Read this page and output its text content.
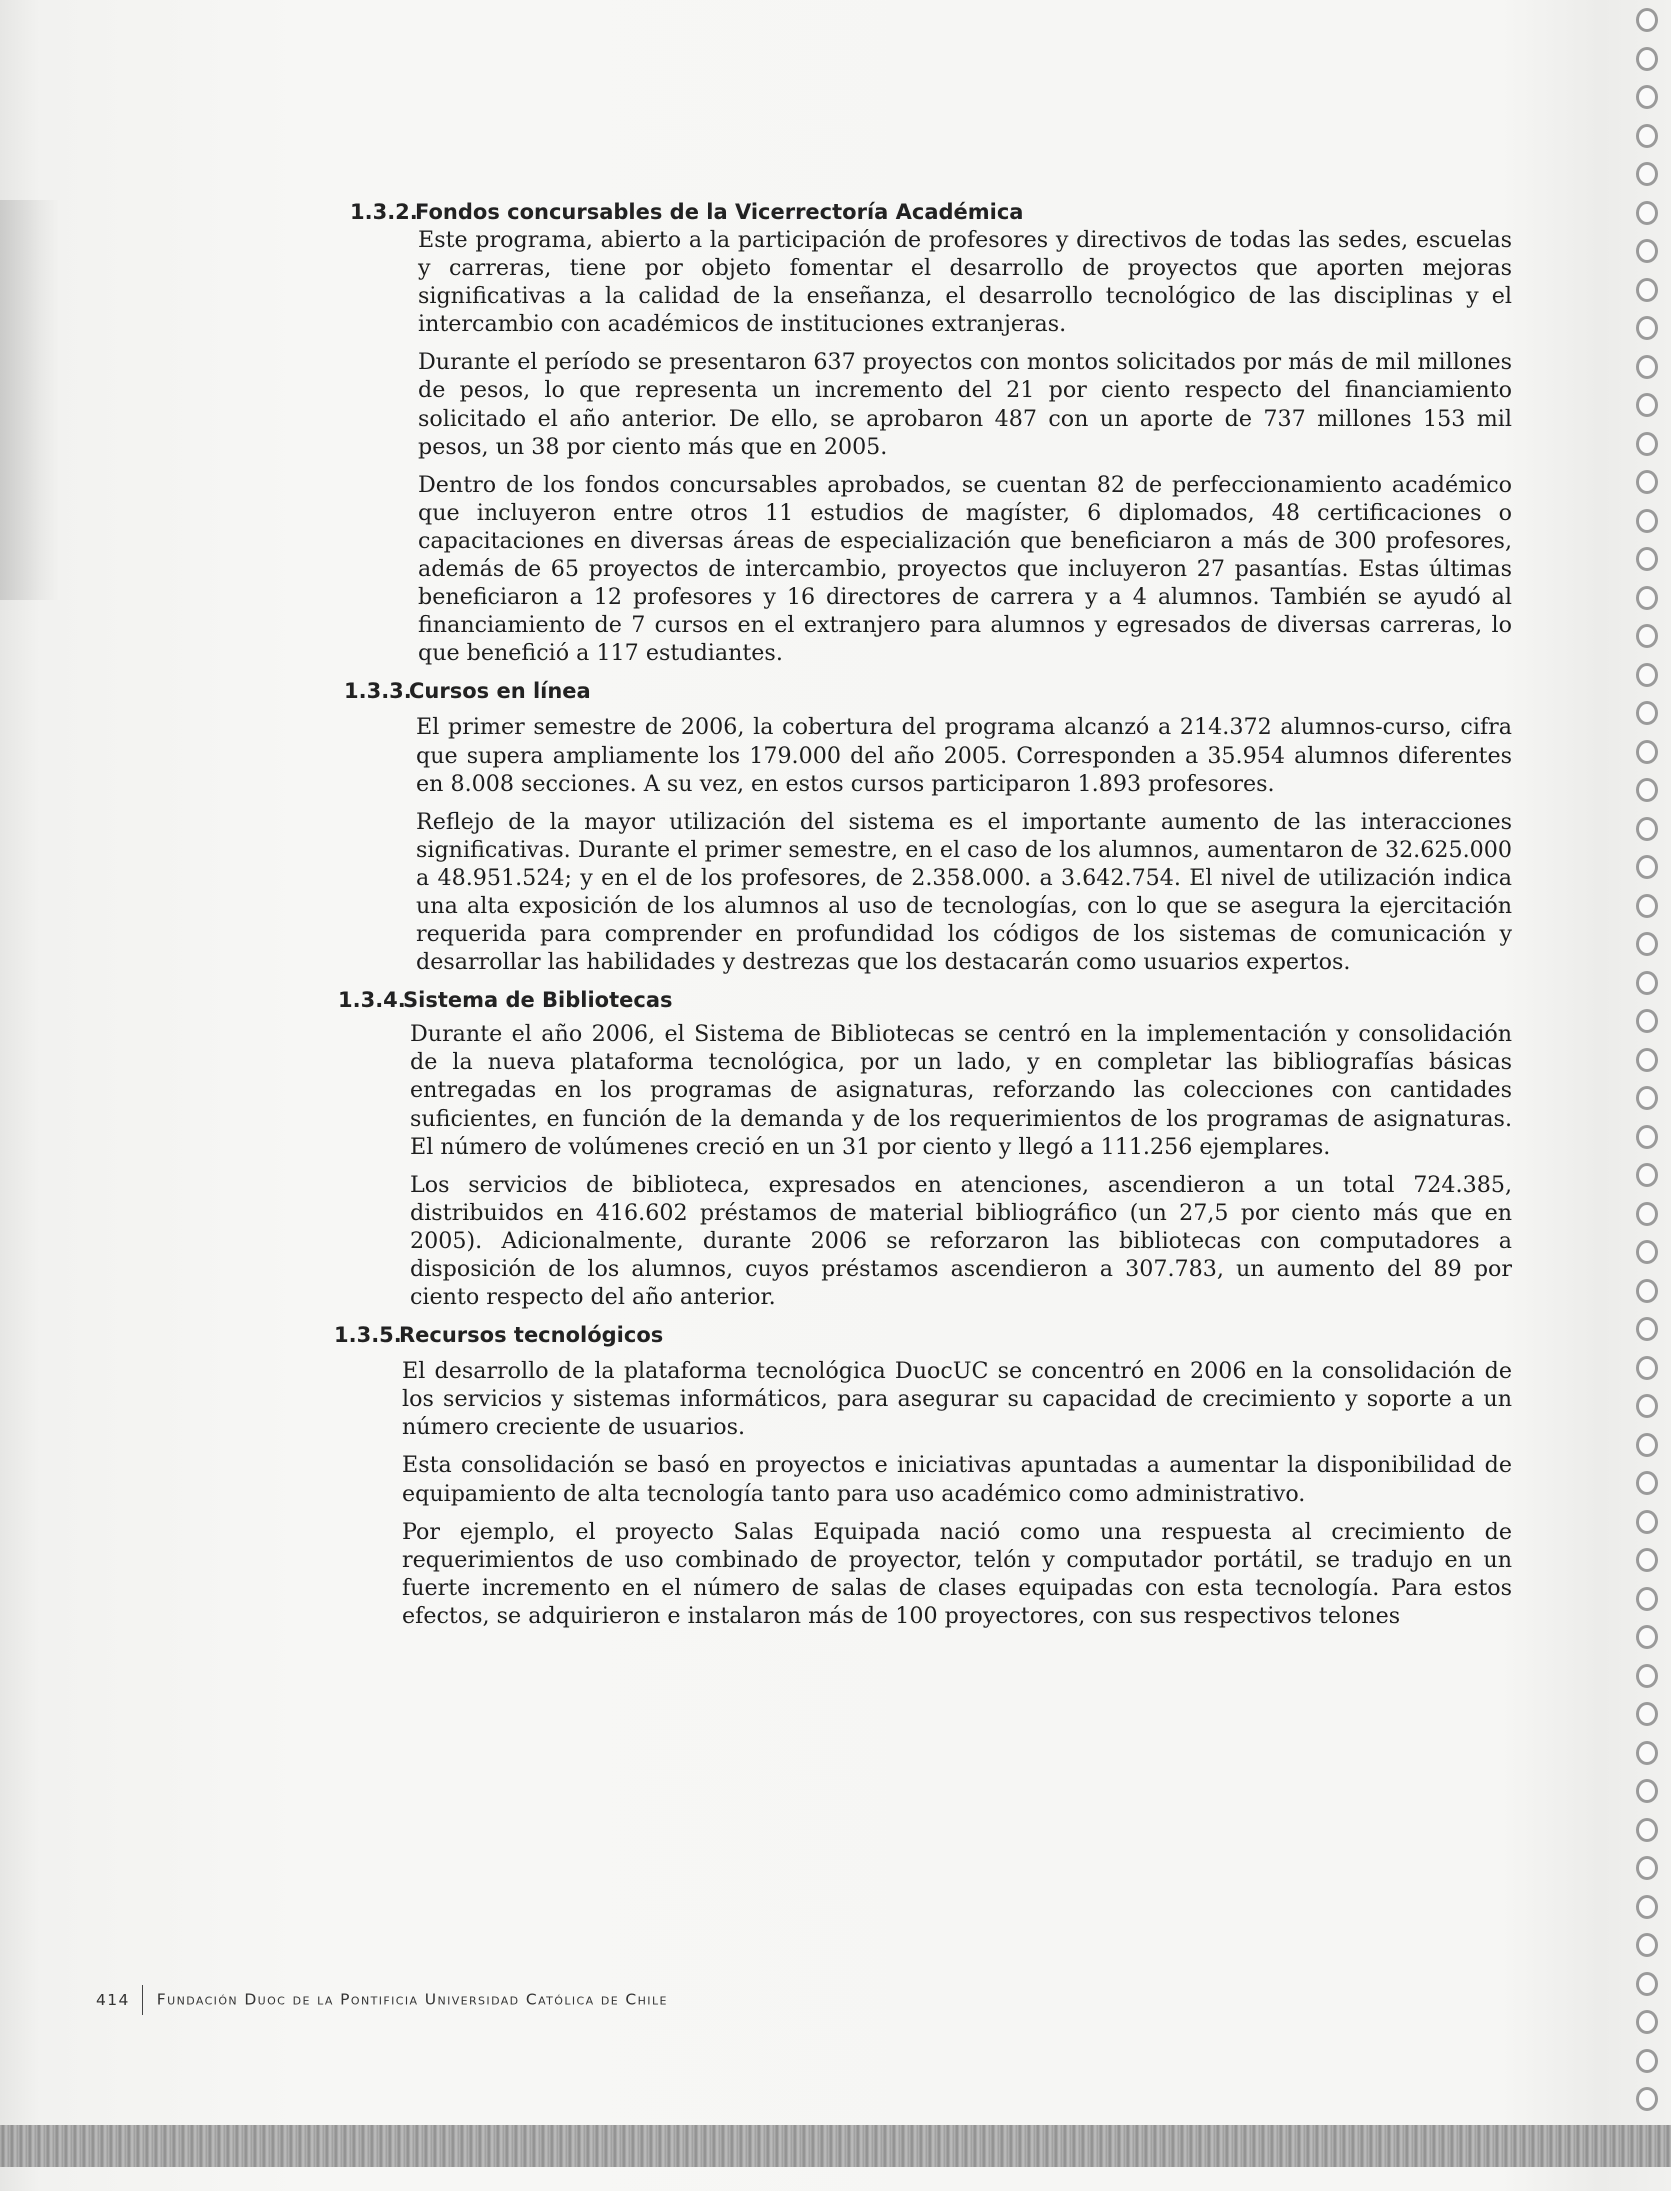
1.3.2.Fondos concursables de la Vicerrectoría Académica

Este programa, abierto a la participación de profesores y directivos de todas las sedes, escuelas y carreras, tiene por objeto fomentar el desarrollo de proyectos que aporten mejoras significativas a la calidad de la enseñanza, el desarrollo tecnológico de las disciplinas y el intercambio con académicos de instituciones extranjeras.

Durante el período se presentaron 637 proyectos con montos solicitados por más de mil millones de pesos, lo que representa un incremento del 21 por ciento respecto del financiamiento solicitado el año anterior. De ello, se aprobaron 487 con un aporte de 737 millones 153 mil pesos, un 38 por ciento más que en 2005.

Dentro de los fondos concursables aprobados, se cuentan 82 de perfeccionamiento académico que incluyeron entre otros 11 estudios de magíster, 6 diplomados, 48 certificaciones o capacitaciones en diversas áreas de especialización que beneficiaron a más de 300 profesores, además de 65 proyectos de intercambio, proyectos que incluyeron 27 pasantías. Estas últimas beneficiaron a 12 profesores y 16 directores de carrera y a 4 alumnos. También se ayudó al financiamiento de 7 cursos en el extranjero para alumnos y egresados de diversas carreras, lo que benefició a 117 estudiantes.

1.3.3.Cursos en línea

El primer semestre de 2006, la cobertura del programa alcanzó a 214.372 alumnos-curso, cifra que supera ampliamente los 179.000 del año 2005. Corresponden a 35.954 alumnos diferentes en 8.008 secciones. A su vez, en estos cursos participaron 1.893 profesores.

Reflejo de la mayor utilización del sistema es el importante aumento de las interacciones significativas. Durante el primer semestre, en el caso de los alumnos, aumentaron de 32.625.000 a 48.951.524; y en el de los profesores, de 2.358.000. a 3.642.754. El nivel de utilización indica una alta exposición de los alumnos al uso de tecnologías, con lo que se asegura la ejercitación requerida para comprender en profundidad los códigos de los sistemas de comunicación y desarrollar las habilidades y destrezas que los destacarán como usuarios expertos.

1.3.4.Sistema de Bibliotecas

Durante el año 2006, el Sistema de Bibliotecas se centró en la implementación y consolidación de la nueva plataforma tecnológica, por un lado, y en completar las bibliografías básicas entregadas en los programas de asignaturas, reforzando las colecciones con cantidades suficientes, en función de la demanda y de los requerimientos de los programas de asignaturas. El número de volúmenes creció en un 31 por ciento y llegó a 111.256 ejemplares.

Los servicios de biblioteca, expresados en atenciones, ascendieron a un total 724.385, distribuidos en 416.602 préstamos de material bibliográfico (un 27,5 por ciento más que en 2005). Adicionalmente, durante 2006 se reforzaron las bibliotecas con computadores a disposición de los alumnos, cuyos préstamos ascendieron a 307.783, un aumento del 89 por ciento respecto del año anterior.

1.3.5.Recursos tecnológicos

El desarrollo de la plataforma tecnológica DuocUC se concentró en 2006 en la consolidación de los servicios y sistemas informáticos, para asegurar su capacidad de crecimiento y soporte a un número creciente de usuarios.

Esta consolidación se basó en proyectos e iniciativas apuntadas a aumentar la disponibilidad de equipamiento de alta tecnología tanto para uso académico como administrativo.

Por ejemplo, el proyecto Salas Equipada nació como una respuesta al crecimiento de requerimientos de uso combinado de proyector, telón y computador portátil, se tradujo en un fuerte incremento en el número de salas de clases equipadas con esta tecnología. Para estos efectos, se adquirieron e instalaron más de 100 proyectores, con sus respectivos telones

414 Fundación Duoc de la Pontificia Universidad Católica de Chile
